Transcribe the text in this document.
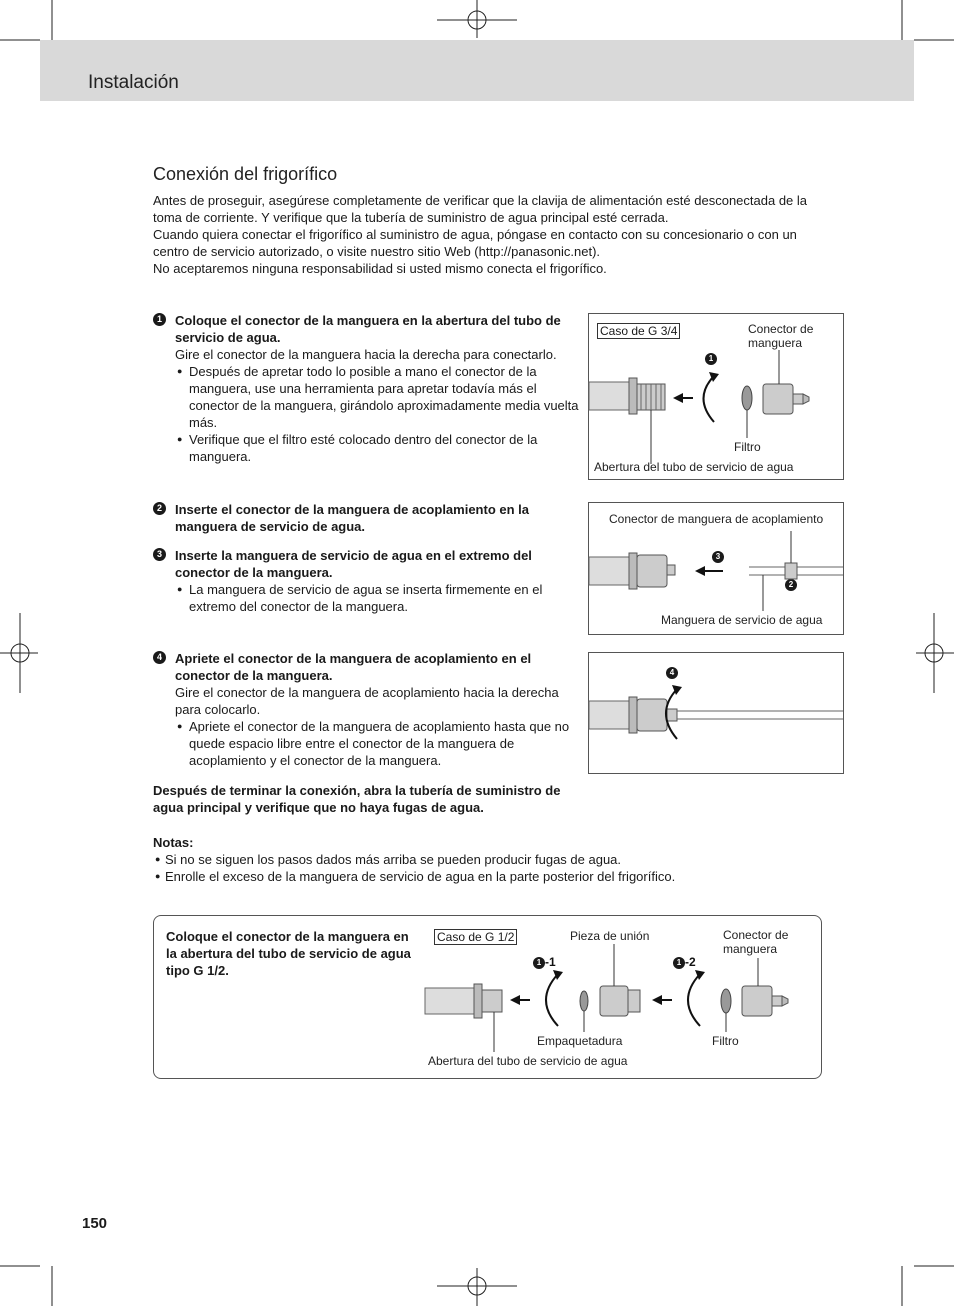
Instalación
Conexión del frigorífico

Antes de proseguir, asegúrese completamente de verificar que la clavija de alimentación esté desconectada de la toma de corriente. Y verifique que la tubería de suministro de agua principal esté cerrada.

Cuando quiera conectar el frigorífico al suministro de agua, póngase en contacto con su concesionario o con un centro de servicio autorizado, o visite nuestro sitio Web (http://panasonic.net).

No aceptaremos ninguna responsabilidad si usted mismo conecta el frigorífico.

1	Coloque el conector de la manguera en la abertura del tubo de servicio de agua.
Gire el conector de la manguera hacia la derecha para conectarlo.
● Después de apretar todo lo posible a mano el conector de la manguera, use una herramienta para apretar todavía más el conector de la manguera, girándolo aproximadamente media vuelta más.
● Verifique que el filtro esté colocado dentro del conector de la manguera.
2	Inserte el conector de la manguera de acoplamiento en la manguera de servicio de agua.
3	Inserte la manguera de servicio de agua en el extremo del conector de la manguera.
● La manguera de servicio de agua se inserta firmemente en el extremo del conector de la manguera.
4	Apriete el conector de la manguera de acoplamiento en el conector de la manguera.
Gire el conector de la manguera de acoplamiento hacia la derecha para colocarlo.
● Apriete el conector de la manguera de acoplamiento hasta que no quede espacio libre entre el conector de la manguera de acoplamiento y el conector de la manguera.
Después de terminar la conexión, abra la tubería de suministro de agua principal y verifique que no haya fugas de agua.
Notas:
● Si no se siguen los pasos dados más arriba se pueden producir fugas de agua.
● Enrolle el exceso de la manguera de servicio de agua en la parte posterior del frigorífico.
Caso de G 3/4	Conector de manguera
Filtro
Abertura del tubo de servicio de agua
1
Conector de manguera de acoplamiento
Manguera de servicio de agua
3
2
4
Coloque el conector de la manguera en la abertura del tubo de servicio de agua tipo G 1/2.
Caso de G 1/2	Pieza de unión	Conector de manguera
Empaquetadura	Filtro
Abertura del tubo de servicio de agua
1 -1	1 -2
150
